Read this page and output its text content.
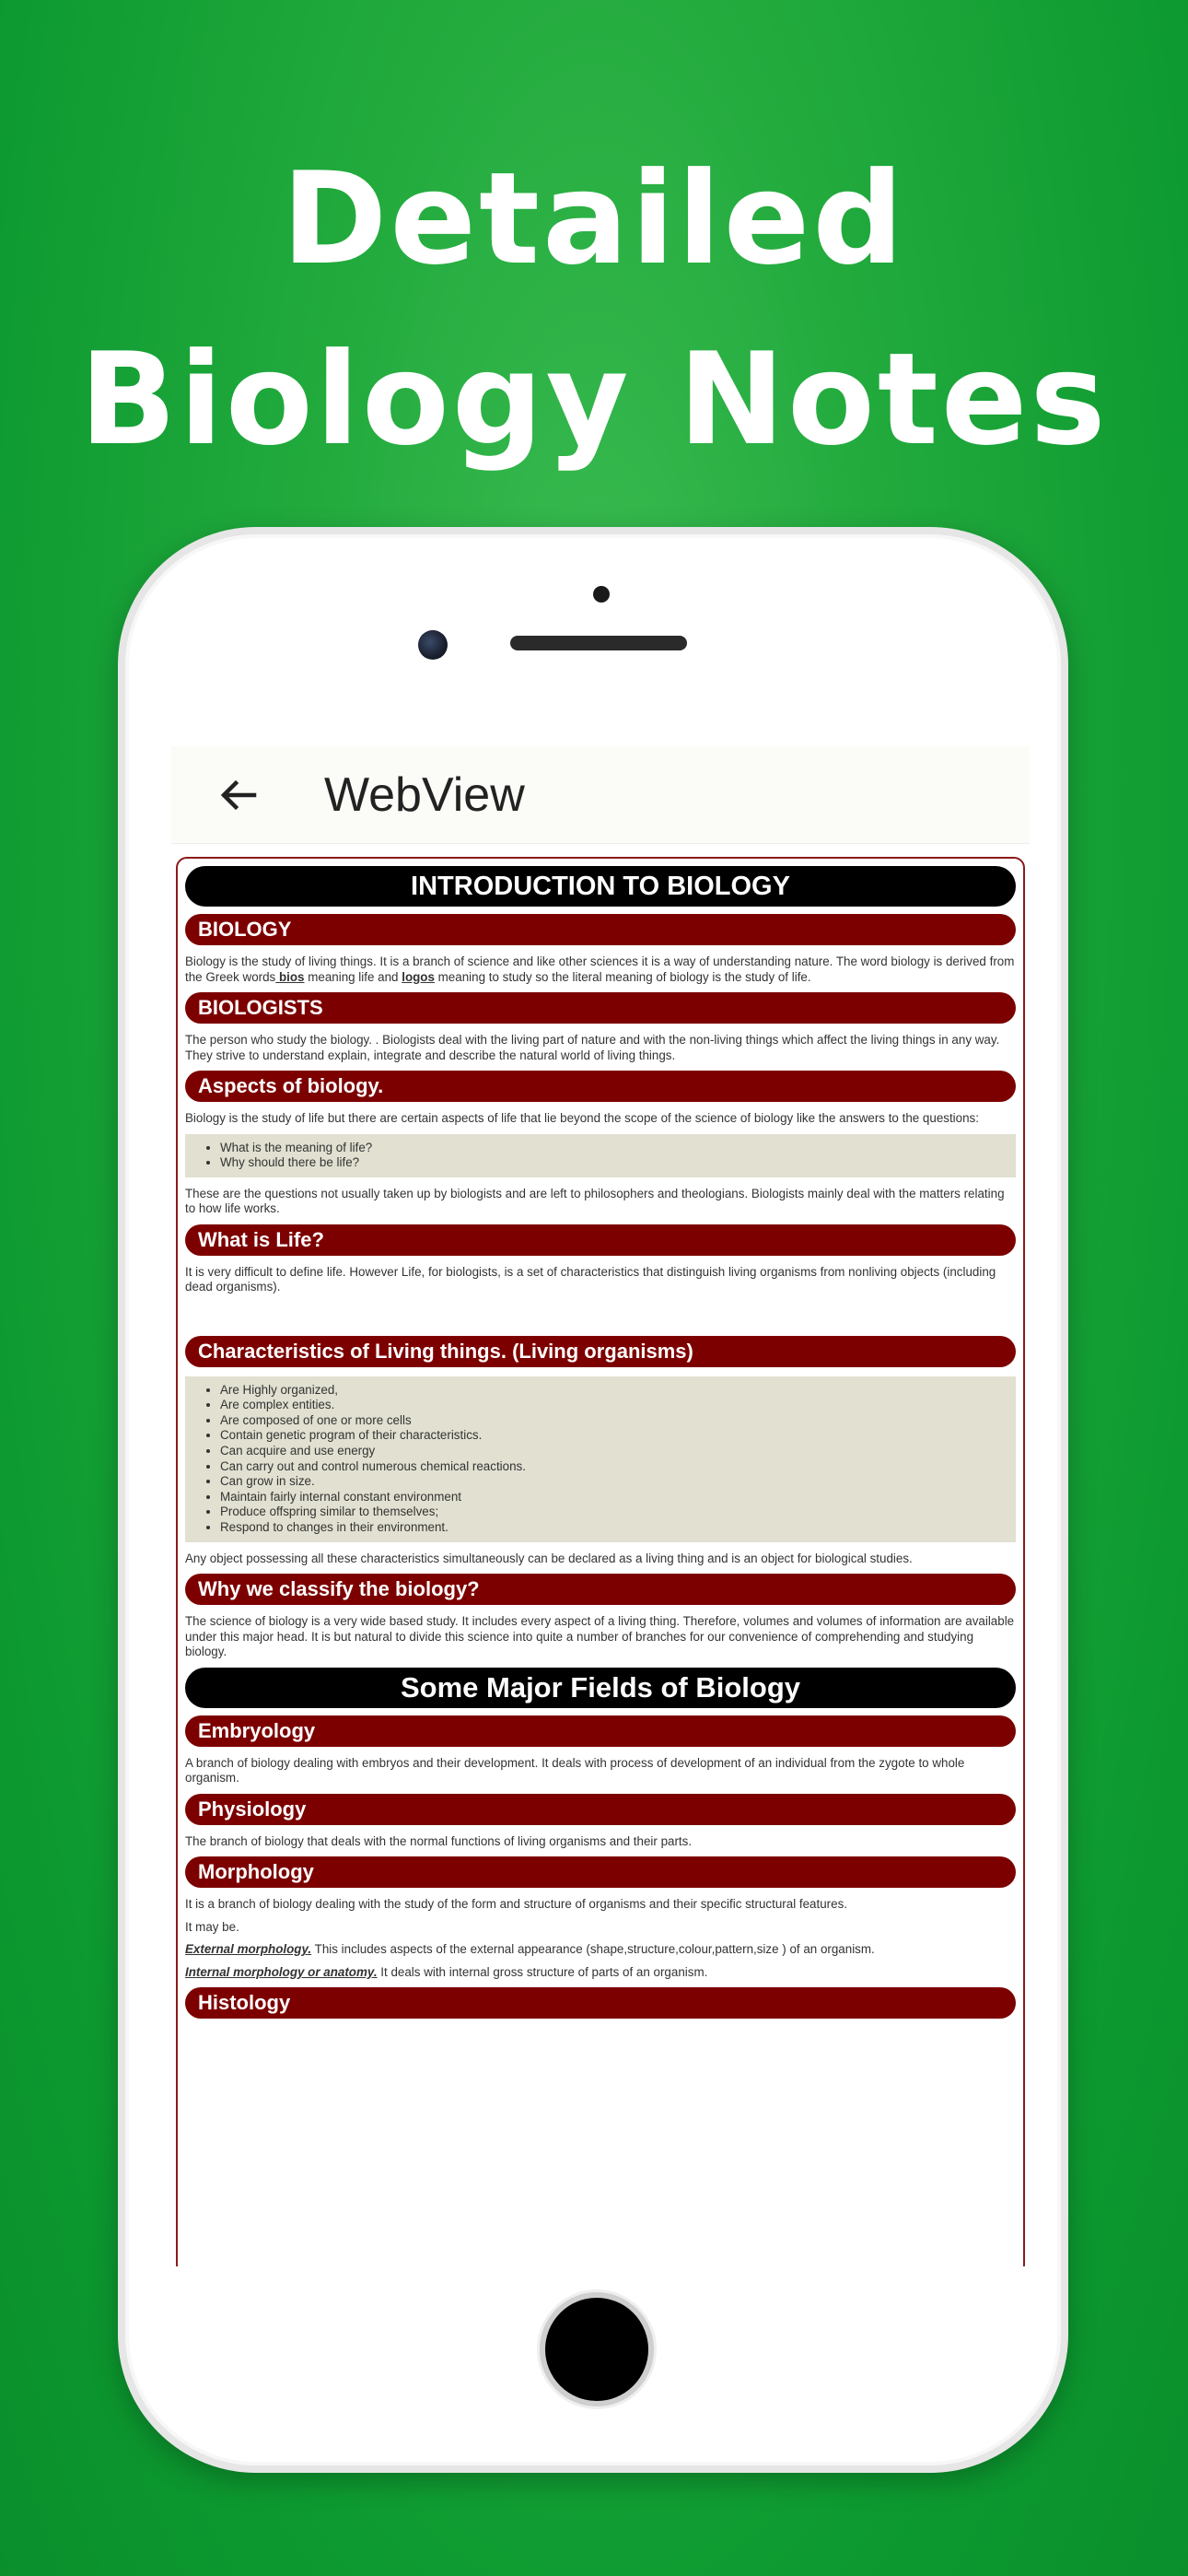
Detailed
Biology Notes
WebView
INTRODUCTION TO BIOLOGY
BIOLOGY

Biology is the study of living things. It is a branch of science and like other sciences it is a way of understanding nature. The word biology is derived from the Greek words bios meaning life and logos meaning to study so the literal meaning of biology is the study of life.

BIOLOGISTS

The person who study the biology. . Biologists deal with the living part of nature and with the non-living things which affect the living things in any way. They strive to understand explain, integrate and describe the natural world of living things.

Aspects of biology.

Biology is the study of life but there are certain aspects of life that lie beyond the scope of the science of biology like the answers to the questions:

• What is the meaning of life?
• Why should there be life?

These are the questions not usually taken up by biologists and are left to philosophers and theologians. Biologists mainly deal with the matters relating to how life works.

What is Life?

It is very difficult to define life. However Life, for biologists, is a set of characteristics that distinguish living organisms from nonliving objects (including dead organisms).

Characteristics of Living things. (Living organisms)
• Are Highly organized,
• Are complex entities.
• Are composed of one or more cells
• Contain genetic program of their characteristics.
• Can acquire and use energy
• Can carry out and control numerous chemical reactions.
• Can grow in size.
• Maintain fairly internal constant environment
• Produce offspring similar to themselves;
• Respond to changes in their environment.

Any object possessing all these characteristics simultaneously can be declared as a living thing and is an object for biological studies.

Why we classify the biology?

The science of biology is a very wide based study. It includes every aspect of a living thing. Therefore, volumes and volumes of information are available under this major head. It is but natural to divide this science into quite a number of branches for our convenience of comprehending and studying biology.

Some Major Fields of Biology
Embryology

A branch of biology dealing with embryos and their development. It deals with process of development of an individual from the zygote to whole organism.

Physiology

The branch of biology that deals with the normal functions of living organisms and their parts.

Morphology

It is a branch of biology dealing with the study of the form and structure of organisms and their specific structural features.

It may be.

External morphology. This includes aspects of the external appearance (shape,structure,colour,pattern,size ) of an organism.

Internal morphology or anatomy. It deals with internal gross structure of parts of an organism.

Histology
